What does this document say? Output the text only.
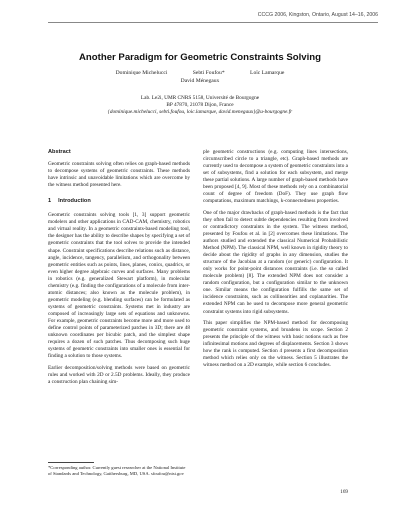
CCCG 2006, Kingston, Ontario, August 14–16, 2006
Another Paradigm for Geometric Constraints Solving
Dominique Michelucci	Sebti Foufou*	Loïc Lamarque
David Ménegaux
Lab. Le2i, UMR CNRS 5158, Université de Bourgogne
BP 47870, 21078 Dijon, France
{dominique.michelucci, sebti.foufou, loic.lamarque, david.menegaux}@u-bourgogne.fr
Abstract

Geometric constraints solving often relies on graph-based methods to decompose systems of geometric constraints. These methods have intrinsic and unavoidable limitations which are overcome by the witness method presented here.

1 Introduction

Geometric constraints solving tools [1, 3] support geometric modelers and other applications in CAD-CAM, chemistry, robotics and virtual reality. In a geometric constraints-based modeling tool, the designer has the ability to describe shapes by specifying a set of geometric constraints that the tool solves to provide the intended shape. Constraint specifications describe relations such as distance, angle, incidence, tangency, parallelism, and orthogonality between geometric entities such as points, lines, planes, conics, quadrics, or even higher degree algebraic curves and surfaces. Many problems in robotics (e.g. generalized Stewart platform), in molecular chemistry (e.g. finding the configurations of a molecule from inter-atomic distances; also known as the molecule problem), in geometric modeling (e.g. blending surfaces) can be formulated as systems of geometric constraints. Systems met in industry are composed of increasingly large sets of equations and unknowns. For example, geometric constraints become more and more used to define control points of parameterized patches in 3D; there are 48 unknown coordinates per bicubic patch, and the simplest shape requires a dozen of such patches. Thus decomposing such huge systems of geometric constraints into smaller ones is essential for finding a solution to those systems.

Earlier decomposition/solving methods were based on geometric rules and worked with 2D or 2.5D problems. Ideally, they produce a construction plan chaining sim-

ple geometric constructions (e.g. computing lines intersections, circumscribed circle to a triangle, etc). Graph-based methods are currently used to decompose a system of geometric constraints into a set of subsystems, find a solution for each subsystem, and merge these partial solutions. A large number of graph-based methods have been proposed [4, 9]. Most of these methods rely on a combinatorial count of degree of freedom (DoF). They use graph flow computations, maximum matchings, k-connectedness properties.

One of the major drawbacks of graph-based methods is the fact that they often fail to detect subtle dependencies resulting from involved or contradictory constraints in the system. The witness method, presented by Foufou et al. in [2] overcomes these limitations. The authors studied and extended the classical Numerical Probabilistic Method (NPM). The classical NPM, well known in rigidity theory to decide about the rigidity of graphs in any dimension, studies the structure of the Jacobian at a random (or generic) configuration. It only works for point-point distances constraints (i.e. the so called molecule problem) [8]. The extended NPM does not consider a random configuration, but a configuration similar to the unknown one. Similar means the configuration fulfills the same set of incidence constraints, such as collinearities and coplanarities. The extended NPM can be used to decompose more general geometric constraint systems into rigid subsystems.

This paper simplifies the NPM-based method for decomposing geometric constraint systems, and broadens its scope. Section 2 presents the principle of the witness with basic notions such as free infinitesimal motions and degrees of displacements. Section 3 shows how the rank is computed. Section 4 presents a first decomposition method which relies only on the witness. Section 5 illustrates the witness method on a 2D example, while section 6 concludes.

*Corresponding author. Currently guest researcher at the National Institute of Standards and Technology, Gaithersburg, MD, USA. sfoufou@nist.gov
169
